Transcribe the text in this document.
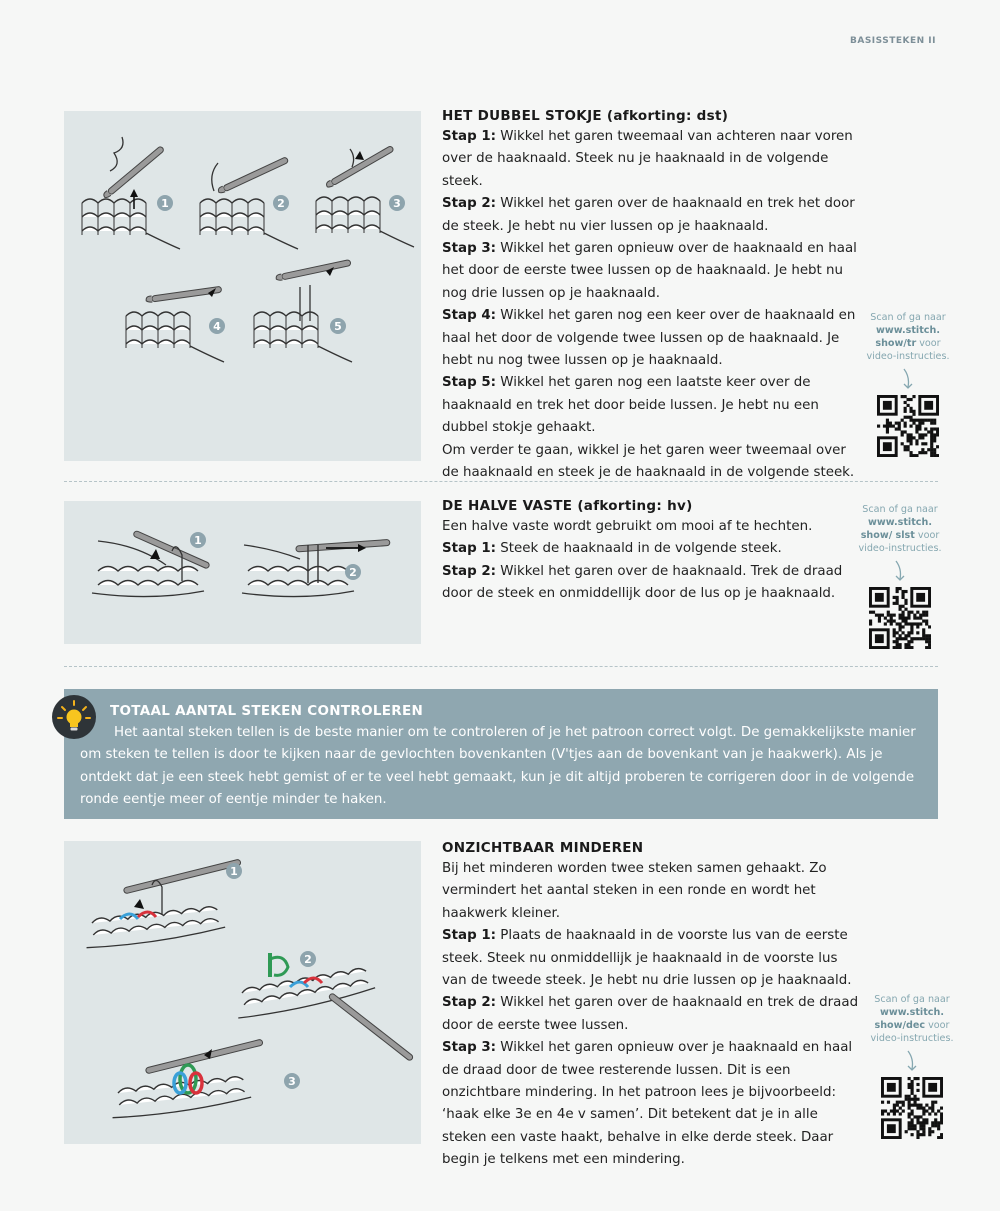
BASISSTEKEN II
1	2	3
4	5
HET DUBBEL STOKJE (afkorting: dst)

Stap 1: Wikkel het garen tweemaal van achteren naar voren over de haaknaald. Steek nu je haaknaald in de volgende steek.

Stap 2: Wikkel het garen over de haaknaald en trek het door de steek. Je hebt nu vier lussen op je haaknaald.

Stap 3: Wikkel het garen opnieuw over de haaknaald en haal het door de eerste twee lussen op de haaknaald. Je hebt nu nog drie lussen op je haaknaald.

Stap 4: Wikkel het garen nog een keer over de haaknaald en haal het door de volgende twee lussen op de haaknaald. Je hebt nu nog twee lussen op je haaknaald.

Stap 5: Wikkel het garen nog een laatste keer over de haaknaald en trek het door beide lussen. Je hebt nu een dubbel stokje gehaakt.

Om verder te gaan, wikkel je het garen weer tweemaal over de haaknaald en steek je de haaknaald in de volgende steek.

Scan of ga naar
www.stitch.
show/tr voor
video-instructies.
1
2
DE HALVE VASTE (afkorting: hv)

Een halve vaste wordt gebruikt om mooi af te hechten.

Stap 1: Steek de haaknaald in de volgende steek.

Stap 2: Wikkel het garen over de haaknaald. Trek de draad door de steek en onmiddellijk door de lus op je haaknaald.

Scan of ga naar
www.stitch.
show/ slst voor
video-instructies.
TOTAAL AANTAL STEKEN CONTROLEREN
Het aantal steken tellen is de beste manier om te controleren of je het patroon correct volgt. De gemakkelijkste manier om steken te tellen is door te kijken naar de gevlochten bovenkanten (V'tjes aan de bovenkant van je haakwerk). Als je ontdekt dat je een steek hebt gemist of er te veel hebt gemaakt, kun je dit altijd proberen te corrigeren door in de volgende ronde eentje meer of eentje minder te haken.
1
2
3
ONZICHTBAAR MINDEREN

Bij het minderen worden twee steken samen gehaakt. Zo vermindert het aantal steken in een ronde en wordt het haakwerk kleiner.

Stap 1: Plaats de haaknaald in de voorste lus van de eerste steek. Steek nu onmiddellijk je haaknaald in de voorste lus van de tweede steek. Je hebt nu drie lussen op je haaknaald.

Stap 2: Wikkel het garen over de haaknaald en trek de draad door de eerste twee lussen.

Stap 3: Wikkel het garen opnieuw over je haaknaald en haal de draad door de twee resterende lussen. Dit is een onzichtbare mindering. In het patroon lees je bijvoorbeeld: ‘haak elke 3e en 4e v samen’. Dit betekent dat je in alle steken een vaste haakt, behalve in elke derde steek. Daar begin je telkens met een mindering.

Scan of ga naar
www.stitch.
show/dec voor
video-instructies.
